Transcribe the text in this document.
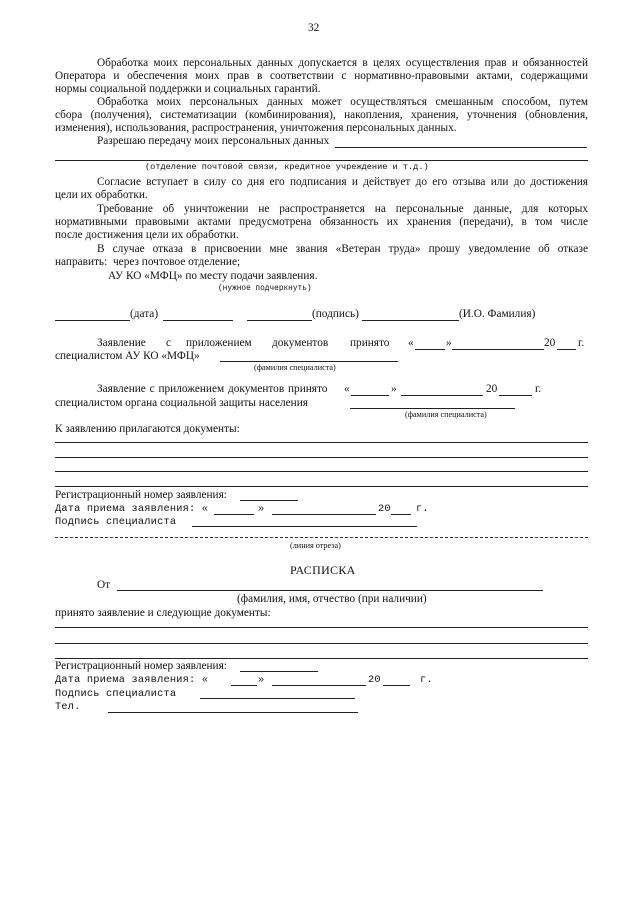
32
Обработка моих персональных данных допускается в целях осуществления прав и обязанностей
Оператора и обеспечения моих прав в соответствии с нормативно-правовыми актами, содержащими
нормы социальной поддержки и социальных гарантий.
Обработка моих персональных данных может осуществляться смешанным способом, путем
сбора (получения), систематизации (комбинирования), накопления, хранения, уточнения (обновления,
изменения), использования, распространения, уничтожения персональных данных.
Разрешаю передачу моих персональных данных
(отделение почтовой связи, кредитное учреждение и т.д.)
Согласие вступает в силу со дня его подписания и действует до его отзыва или до достижения
цели их обработки.
Требование об уничтожении не распространяется на персональные данные, для которых
нормативными правовыми актами предусмотрена обязанность их хранения (передачи), в том числе
после достижения цели их обработки.
В случае отказа в присвоении мне звания «Ветеран труда» прошу уведомление об отказе
направить: через почтовое отделение;
АУ КО «МФЦ» по месту подачи заявления.
(нужное подчеркнуть)
(дата)	(подпись)	(И.О. Фамилия)
Заявление с приложением документов принято «	»	20 г.
специалистом АУ КО «МФЦ»
(фамилия специалиста)
Заявление с приложением документов принято «	»	20	г.
специалистом органа социальной защиты населения
(фамилия специалиста)
К заявлению прилагаются документы:
Регистрационный номер заявления:
Дата приема заявления: «	»	20 г.
Подпись специалиста
(линия отреза)
РАСПИСКА
От
(фамилия, имя, отчество (при наличии)
принято заявление и следующие документы:
Регистрационный номер заявления:
Дата приема заявления: «	»	20	г.
Подпись специалиста
Тел.
